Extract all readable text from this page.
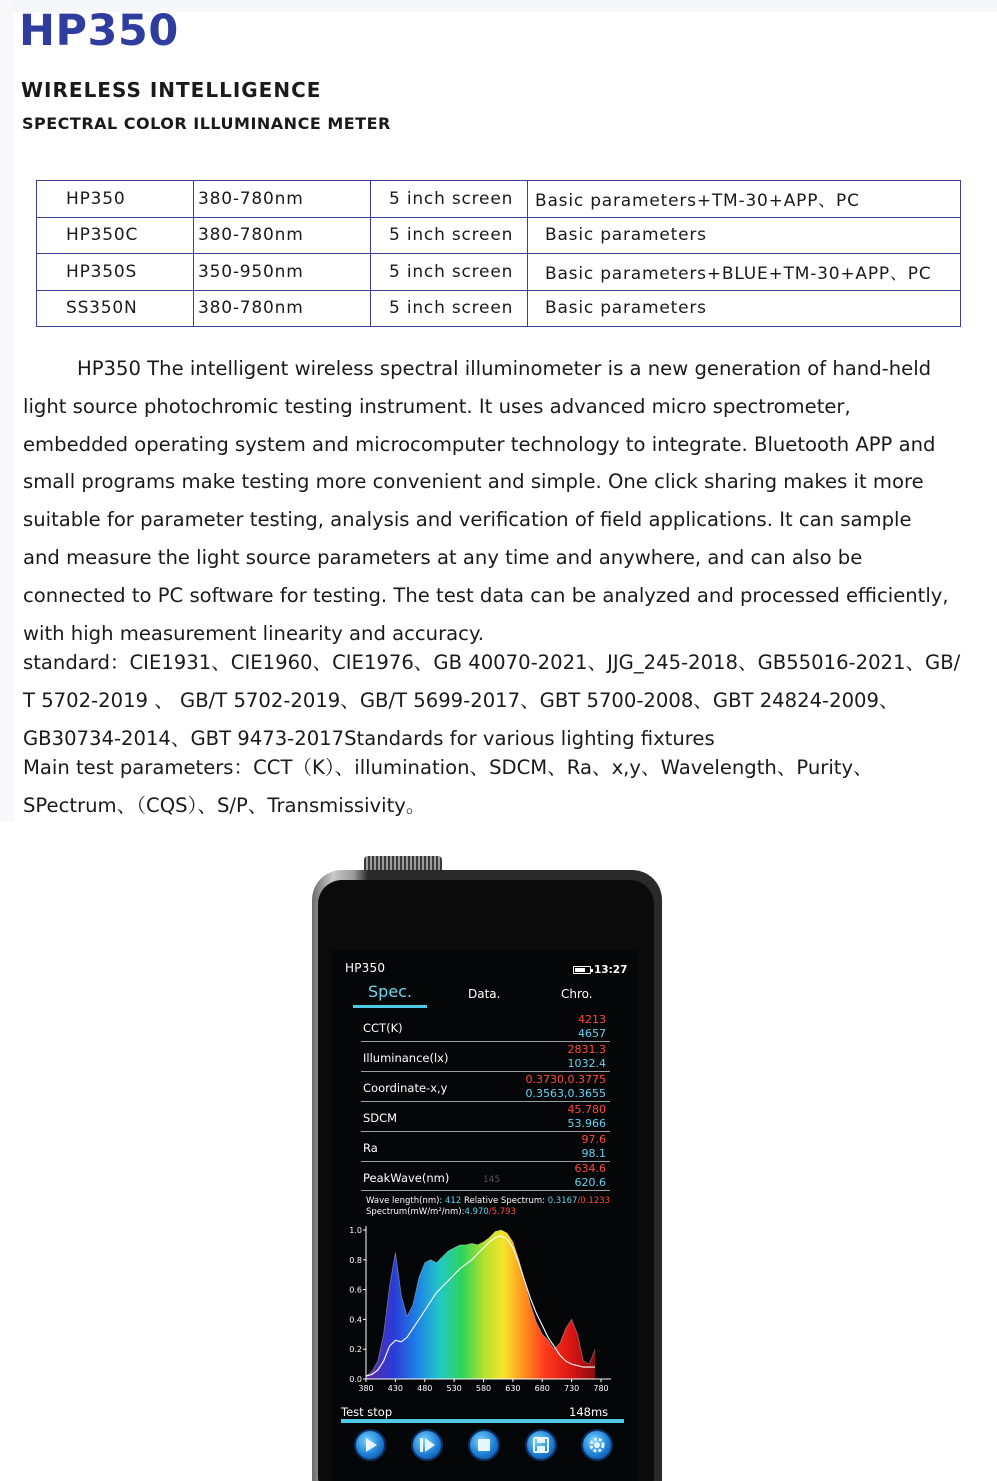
HP350
WIRELESS INTELLIGENCE
SPECTRAL COLOR ILLUMINANCE METER
HP350	380-780nm	5 inch screen	Basic parameters+TM-30+APP、PC
HP350C	380-780nm	5 inch screen	Basic parameters
HP350S	350-950nm	5 inch screen	Basic parameters+BLUE+TM-30+APP、PC
SS350N	380-780nm	5 inch screen	Basic parameters
HP350 The intelligent wireless spectral illuminometer is a new generation of hand-held
light source photochromic testing instrument. It uses advanced micro spectrometer,
embedded operating system and microcomputer technology to integrate. Bluetooth APP and
small programs make testing more convenient and simple. One click sharing makes it more
suitable for parameter testing, analysis and verification of field applications. It can sample
and measure the light source parameters at any time and anywhere, and can also be
connected to PC software for testing. The test data can be analyzed and processed efficiently,
with high measurement linearity and accuracy.
standard：CIE1931、CIE1960、CIE1976、GB 40070-2021、JJG_245-2018、GB55016-2021、GB/
T 5702-2019 、 GB/T 5702-2019、GB/T 5699-2017、GBT 5700-2008、GBT 24824-2009、
GB30734-2014、GBT 9473-2017Standards for various lighting fixtures
Main test parameters：CCT（K）、illumination、SDCM、Ra、x,y、Wavelength、Purity、
SPectrum、（CQS）、S/P、Transmissivity。
HP350	13:27
Spec.	Data.	Chro.
CCT(K)
4213
4657
Illuminance(lx)
2831.3
1032.4
Coordinate-x,y
0.3730,0.3775
0.3563,0.3655
SDCM
45.780
53.966
Ra
97.6
98.1
PeakWave(nm)	145
634.6
620.6
Wave length(nm): 412 Relative Spectrum: 0.3167/0.1233
Spectrum(mW/m²/nm):4.970/5.793
0.0
0.2
0.4
0.6
0.8
1.0
380 430 480 530 580 630 680 730 780
Test stop	148ms
